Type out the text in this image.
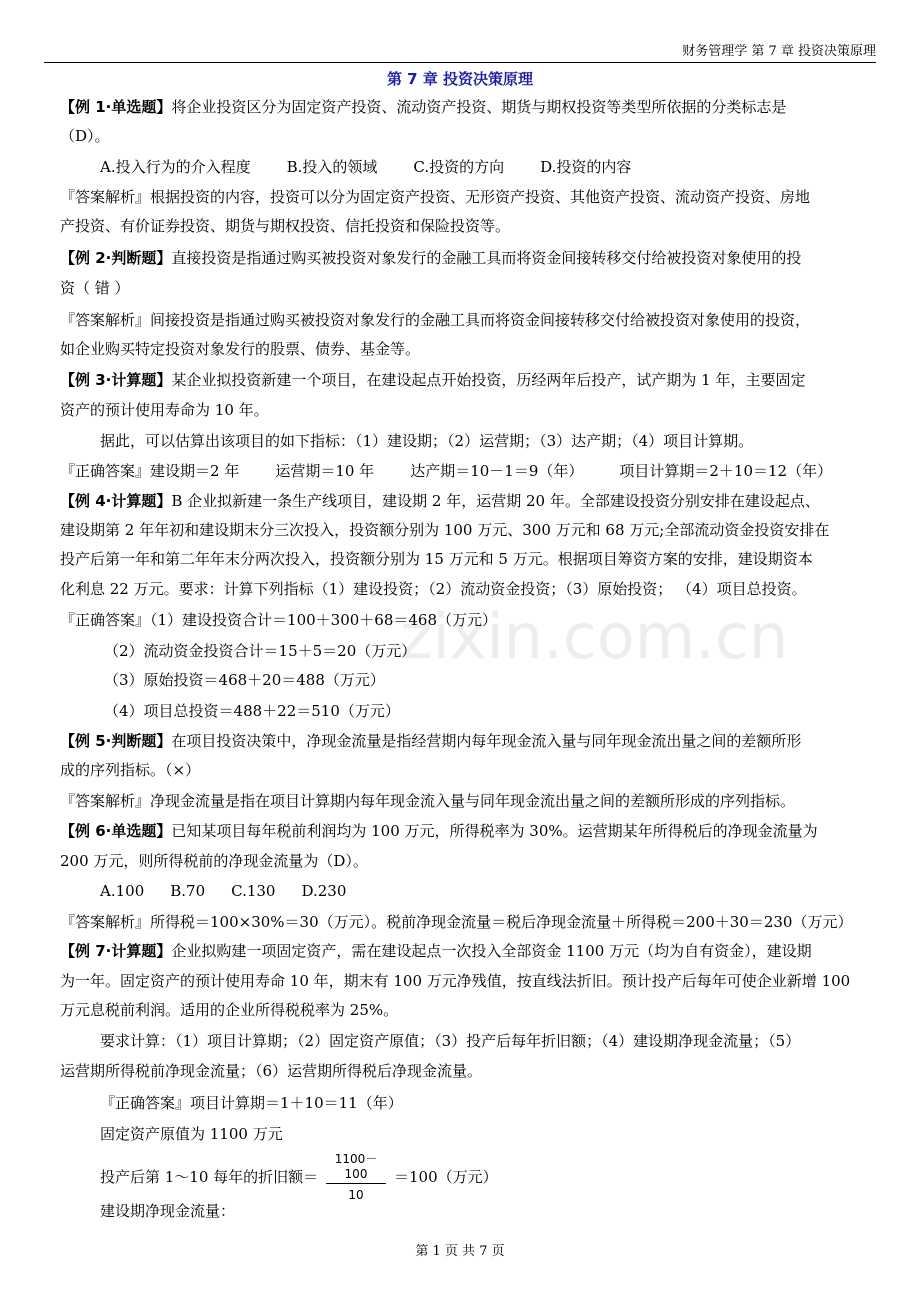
财务管理学 第 7 章 投资决策原理
第 7 章 投资决策原理
zixin.com.cn
【例 1·单选题】将企业投资区分为固定资产投资、流动资产投资、期货与期权投资等类型所依据的分类标志是
（D）。
A.投入行为的介入程度 B.投入的领域 C.投资的方向 D.投资的内容
『答案解析』根据投资的内容，投资可以分为固定资产投资、无形资产投资、其他资产投资、流动资产投资、房地
产投资、有价证券投资、期货与期权投资、信托投资和保险投资等。
【例 2·判断题】直接投资是指通过购买被投资对象发行的金融工具而将资金间接转移交付给被投资对象使用的投
资（ 错 ）
『答案解析』间接投资是指通过购买被投资对象发行的金融工具而将资金间接转移交付给被投资对象使用的投资，
如企业购买特定投资对象发行的股票、债券、基金等。
【例 3·计算题】某企业拟投资新建一个项目，在建设起点开始投资，历经两年后投产，试产期为 1 年，主要固定
资产的预计使用寿命为 10 年。
据此，可以估算出该项目的如下指标：（1）建设期；（2）运营期；（3）达产期；（4）项目计算期。
『正确答案』建设期＝2 年 运营期＝10 年 达产期＝10－1＝9（年） 项目计算期＝2＋10＝12（年）
【例 4·计算题】B 企业拟新建一条生产线项目，建设期 2 年，运营期 20 年。全部建设投资分别安排在建设起点、
建设期第 2 年年初和建设期末分三次投入，投资额分别为 100 万元、300 万元和 68 万元;全部流动资金投资安排在
投产后第一年和第二年年末分两次投入，投资额分别为 15 万元和 5 万元。根据项目筹资方案的安排，建设期资本
化利息 22 万元。要求：计算下列指标（1）建设投资；（2）流动资金投资；（3）原始投资； （4）项目总投资。
『正确答案』（1）建设投资合计＝100＋300＋68＝468（万元）
（2）流动资金投资合计＝15＋5＝20（万元）
（3）原始投资＝468＋20＝488（万元）
（4）项目总投资＝488＋22＝510（万元）
【例 5·判断题】在项目投资决策中，净现金流量是指经营期内每年现金流入量与同年现金流出量之间的差额所形
成的序列指标。（×）
『答案解析』净现金流量是指在项目计算期内每年现金流入量与同年现金流出量之间的差额所形成的序列指标。
【例 6·单选题】已知某项目每年税前利润均为 100 万元，所得税率为 30%。运营期某年所得税后的净现金流量为
200 万元，则所得税前的净现金流量为（D）。
A.100 B.70 C.130 D.230
『答案解析』所得税＝100×30%＝30（万元）。税前净现金流量＝税后净现金流量＋所得税＝200＋30＝230（万元）
【例 7·计算题】企业拟购建一项固定资产，需在建设起点一次投入全部资金 1100 万元（均为自有资金），建设期
为一年。固定资产的预计使用寿命 10 年，期末有 100 万元净残值，按直线法折旧。预计投产后每年可使企业新增 100
万元息税前利润。适用的企业所得税税率为 25%。
要求计算：（1）项目计算期；（2）固定资产原值；（3）投产后每年折旧额；（4）建设期净现金流量；（5）
运营期所得税前净现金流量；（6）运营期所得税后净现金流量。
『正确答案』项目计算期＝1＋10＝11（年）
固定资产原值为 1100 万元
投产后第 1～10 每年的折旧额＝ $\frac{1100-100}{10} =100$（万元）
建设期净现金流量：
第 1 页 共 7 页
